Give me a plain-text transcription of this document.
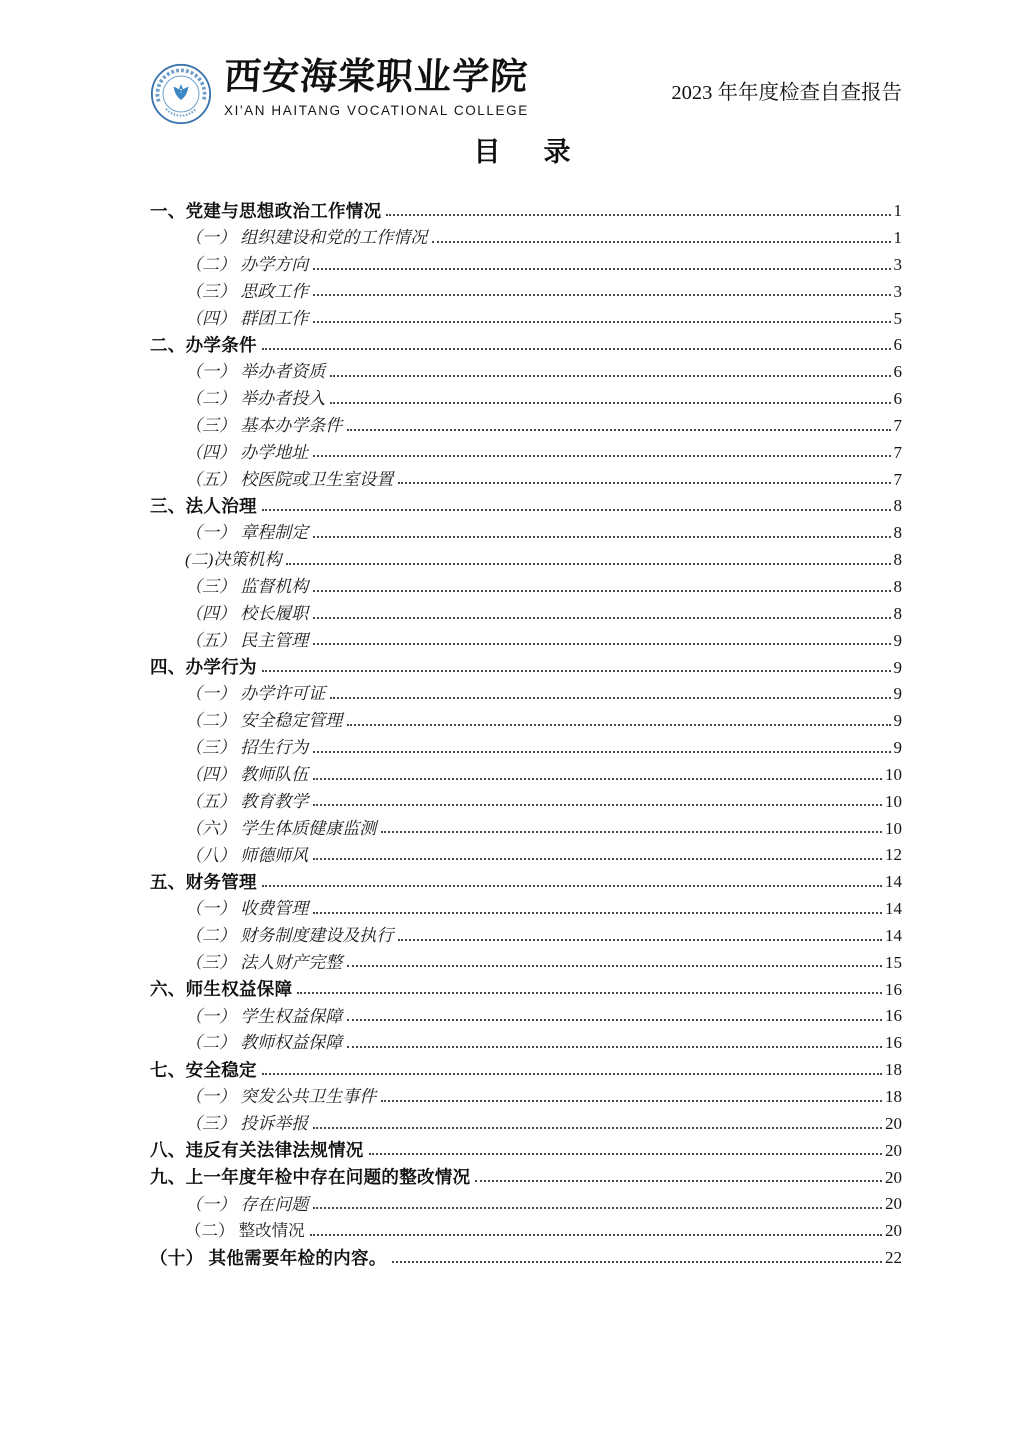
西安海棠职业学院
XI'AN HAITANG VOCATIONAL COLLEGE
2023 年年度检查自查报告
目　录
一、党建与思想政治工作情况	1
（一） 组织建设和党的工作情况	1
（二） 办学方向	3
（三） 思政工作	3
（四） 群团工作	5
二、办学条件	6
（一） 举办者资质	6
（二） 举办者投入	6
（三） 基本办学条件	7
（四） 办学地址	7
（五） 校医院或卫生室设置	7
三、法人治理	8
（一） 章程制定	8
(二)决策机构	8
（三） 监督机构	8
（四） 校长履职	8
（五） 民主管理	9
四、办学行为	9
（一） 办学许可证	9
（二） 安全稳定管理	9
（三） 招生行为	9
（四） 教师队伍	10
（五） 教育教学	10
（六） 学生体质健康监测	10
（八） 师德师风	12
五、财务管理	14
（一） 收费管理	14
（二） 财务制度建设及执行	14
（三） 法人财产完整	15
六、师生权益保障	16
（一） 学生权益保障	16
（二） 教师权益保障	16
七、安全稳定	18
（一） 突发公共卫生事件	18
（三） 投诉举报	20
八、违反有关法律法规情况	20
九、上一年度年检中存在问题的整改情况	20
（一） 存在问题	20
（二） 整改情况	20
（十） 其他需要年检的内容。	22
